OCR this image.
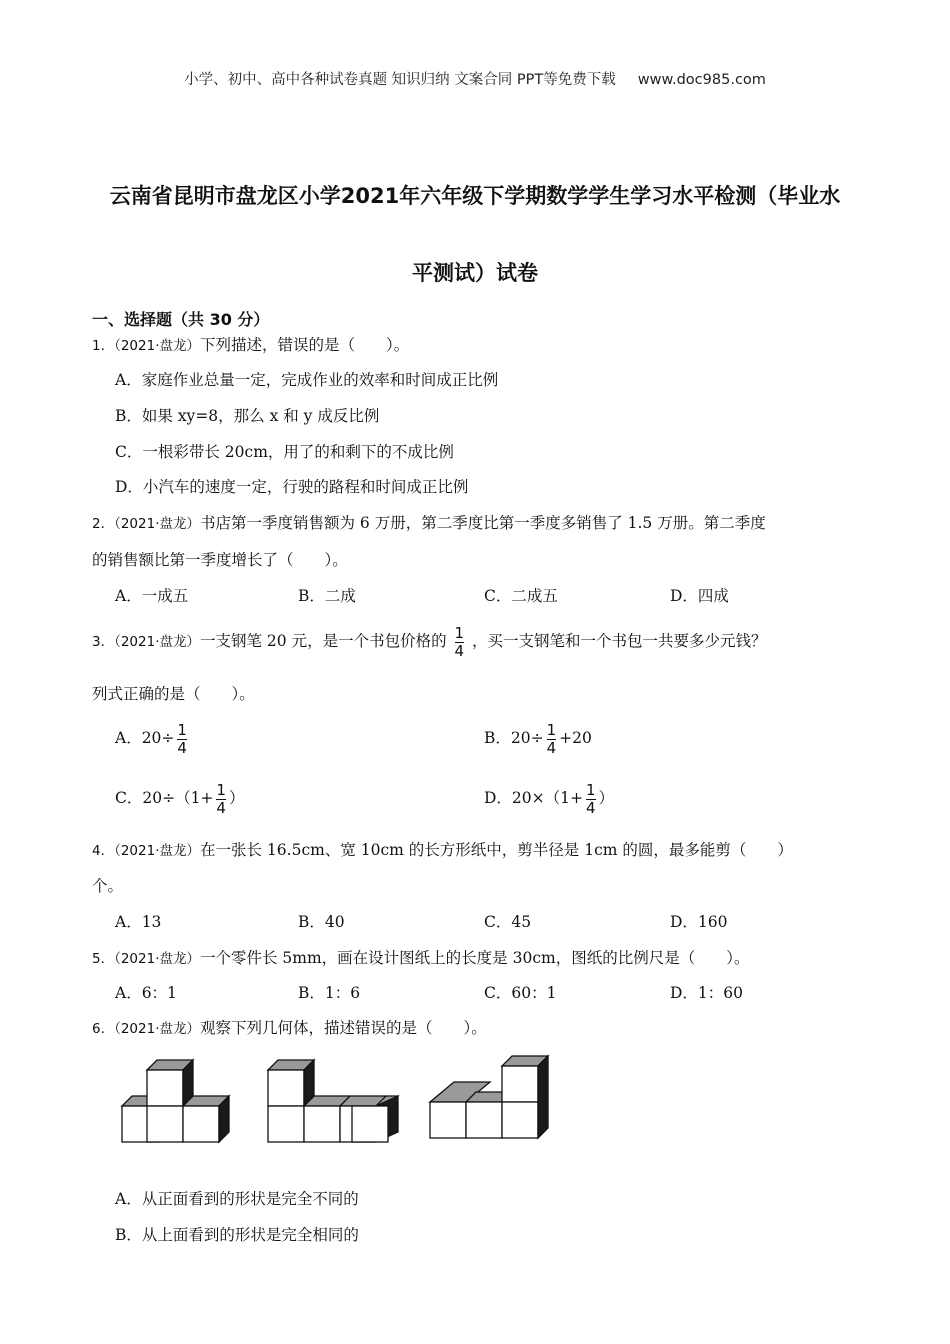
小学、初中、高中各种试卷真题 知识归纳 文案合同 PPT等免费下载 www.doc985.com
云南省昆明市盘龙区小学2021年六年级下学期数学学生学习水平检测（毕业水
平测试）试卷
一、选择题（共 30 分）
1．（2021·盘龙）下列描述，错误的是（　　）。
A．家庭作业总量一定，完成作业的效率和时间成正比例
B．如果 xy=8，那么 x 和 y 成反比例
C．一根彩带长 20cm，用了的和剩下的不成比例
D．小汽车的速度一定，行驶的路程和时间成正比例
2．（2021·盘龙）书店第一季度销售额为 6 万册，第二季度比第一季度多销售了 1.5 万册。第二季度
的销售额比第一季度增长了（　　）。
A．一成五	B．二成	C．二成五	D．四成
3．（2021·盘龙）一支钢笔 20 元，是一个书包价格的 $\frac{1}{4}$ ，买一支钢笔和一个书包一共要多少元钱？
列式正确的是（　　）。
A．$20\div \frac{1}{4}$	B．$20\div \frac{1}{4} +20$
C．$20\div(1+ \frac{1}{4}$ ）	D．$20\times(1+ \frac{1}{4}$ ）
4．（2021·盘龙）在一张长 16.5cm、宽 10cm 的长方形纸中，剪半径是 1cm 的圆，最多能剪（　　）
个。
A．13	B．40	C．45	D．160
5．（2021·盘龙）一个零件长 5mm，画在设计图纸上的长度是 30cm，图纸的比例尺是（　　）。
A．6：1	B．1：6	C．60：1	D．1：60
6．（2021·盘龙）观察下列几何体，描述错误的是（　　）。
A．从正面看到的形状是完全不同的
B．从上面看到的形状是完全相同的
